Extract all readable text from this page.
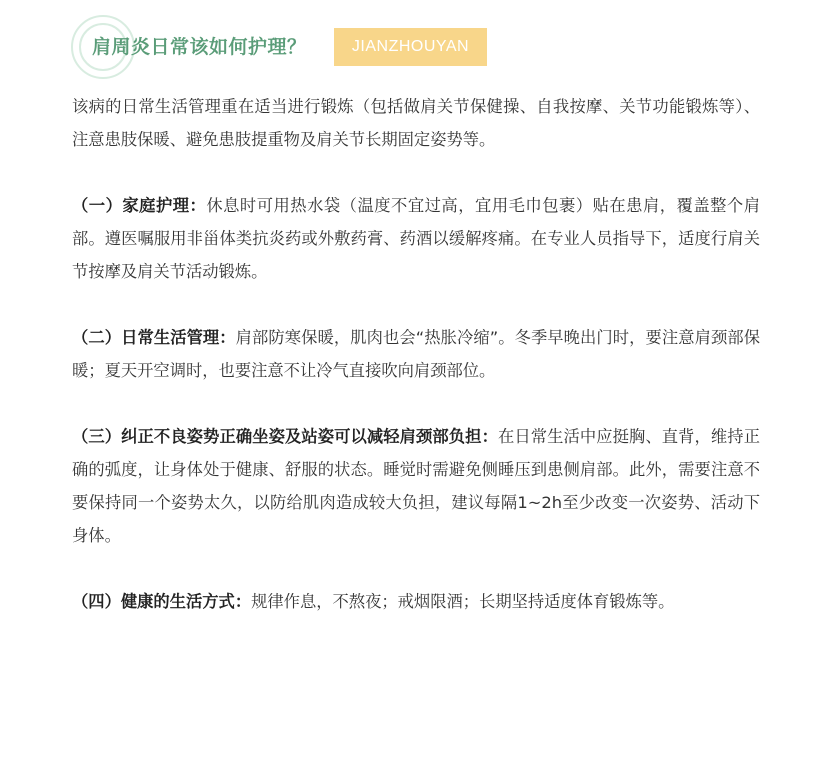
肩周炎日常该如何护理？	JIANZHOUYAN

该病的日常生活管理重在适当进行锻炼（包括做肩关节保健操、自我按摩、关节功能锻炼等）、注意患肢保暖、避免患肢提重物及肩关节长期固定姿势等。

（一）家庭护理：休息时可用热水袋（温度不宜过高，宜用毛巾包裹）贴在患肩，覆盖整个肩部。遵医嘱服用非甾体类抗炎药或外敷药膏、药酒以缓解疼痛。在专业人员指导下，适度行肩关节按摩及肩关节活动锻炼。

（二）日常生活管理：肩部防寒保暖，肌肉也会“热胀冷缩”。冬季早晚出门时，要注意肩颈部保暖；夏天开空调时，也要注意不让冷气直接吹向肩颈部位。

（三）纠正不良姿势正确坐姿及站姿可以减轻肩颈部负担：在日常生活中应挺胸、直背，维持正确的弧度，让身体处于健康、舒服的状态。睡觉时需避免侧睡压到患侧肩部。此外，需要注意不要保持同一个姿势太久，以防给肌肉造成较大负担，建议每隔1~2h至少改变一次姿势、活动下身体。

（四）健康的生活方式：规律作息，不熬夜；戒烟限酒；长期坚持适度体育锻炼等。
